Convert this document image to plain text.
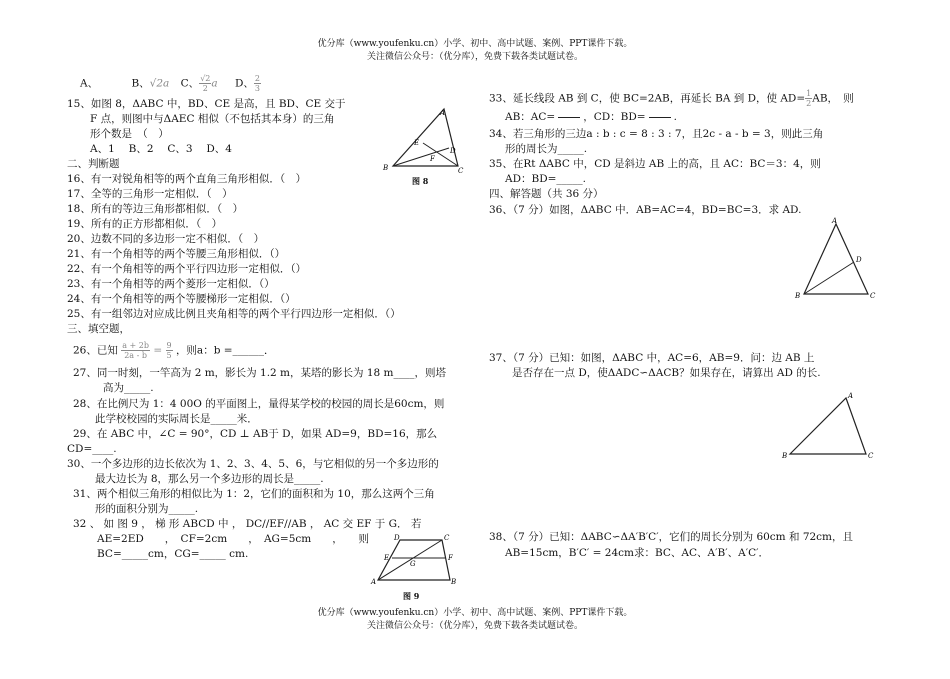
优分库（www.youfenku.cn）小学、初中、高中试题、案例、PPT课件下载。
关注微信公众号：（优分库），免费下载各类试题试卷。
A、	B、√2a C、 $\frac{√2}{2}a$ D、 $\frac{2}{3}$
15、如图 8，ΔABC 中，BD、CE 是高，且 BD、CE 交于
F 点，则图中与ΔAEC 相似（不包括其本身）的三角
形个数是　（　）
A、1　 B、2　 C、3　 D、4
A
E
D
F
B	C
图 8
二、判断题
16、有一对锐角相等的两个直角三角形相似．（　）
17、全等的三角形一定相似．（　）
18、所有的等边三角形都相似．（　）
19、所有的正方形都相似．（　）
20、边数不同的多边形一定不相似．（　）
21、有一个角相等的两个等腰三角形相似．（）
22、有一个角相等的两个平行四边形一定相似．（）
23、有一个角相等的两个菱形一定相似．（）
24、有一个角相等的两个等腰梯形一定相似．（）
25、有一组邻边对应成比例且夹角相等的两个平行四边形一定相似．（）
三、填空题，
26、已知 $\frac{a + 2b}{2a - b} = \frac{9}{5}$ ，则a：b =______．
27、同一时刻，一竿高为 2 m，影长为 1.2 m，某塔的影长为 18 m____，则塔
高为_____.
28、在比例尺为 1：4 00O 的平面图上，量得某学校的校园的周长是60cm，则
此学校校园的实际周长是_____米．
29、在 ABC 中，∠C = 90°，CD ⊥ AB于 D，如果 AD=9，BD=16，那么
CD=____.
30、一个多边形的边长依次为 1、2、3、4、5、6，与它相似的另一个多边形的
最大边长为 8，那么另一个多边形的周长是_____.
31、两个相似三角形的相似比为 1：2，它们的面积和为 10，那么这两个三角
形的面积分别为_____.
32 、 如 图 9 ， 梯 形 ABCD 中 ， DC//EF//AB ， AC 交 EF 于 G． 若
AE=2ED　　，　CF=2cm　　，　AG=5cm　　，　　则
BC=_____cm，CG=_____ cm.
D	C
E
G
F
A	B
图 9
33、延长线段 AB 到 C，使 BC=2AB，再延长 BA 到 D，使 $AD= \frac{1}{2}AB$，　则
AB：AC=	，CD：BD=	.
34、若三角形的三边a : b : c = 8 : 3 : 7，且2c - a - b = 3，则此三角
形的周长为_____.
35、在Rt ΔABC 中，CD 是斜边 AB 上的高，且 AC：BC＝3：4，则
AD：BD=_____.
四、解答题（共 36 分）
36、（7 分）如图，ΔABC 中．AB=AC=4，BD=BC=3．求 AD.
A
D
B	C
37、（7 分）已知：如图，ΔABC 中，AC=6，AB=9．问：边 AB 上
是否存在一点 D，使ΔADC∽ΔACB？如果存在，请算出 AD 的长.
A
B	C
38、（7 分）已知：ΔABC∽ΔA′B′C′，它们的周长分别为 60cm 和 72cm，且
AB=15cm，B′C′ = 24cm求：BC、AC、A′B′、A′C′．
优分库（www.youfenku.cn）小学、初中、高中试题、案例、PPT课件下载。
关注微信公众号：（优分库），免费下载各类试题试卷。
